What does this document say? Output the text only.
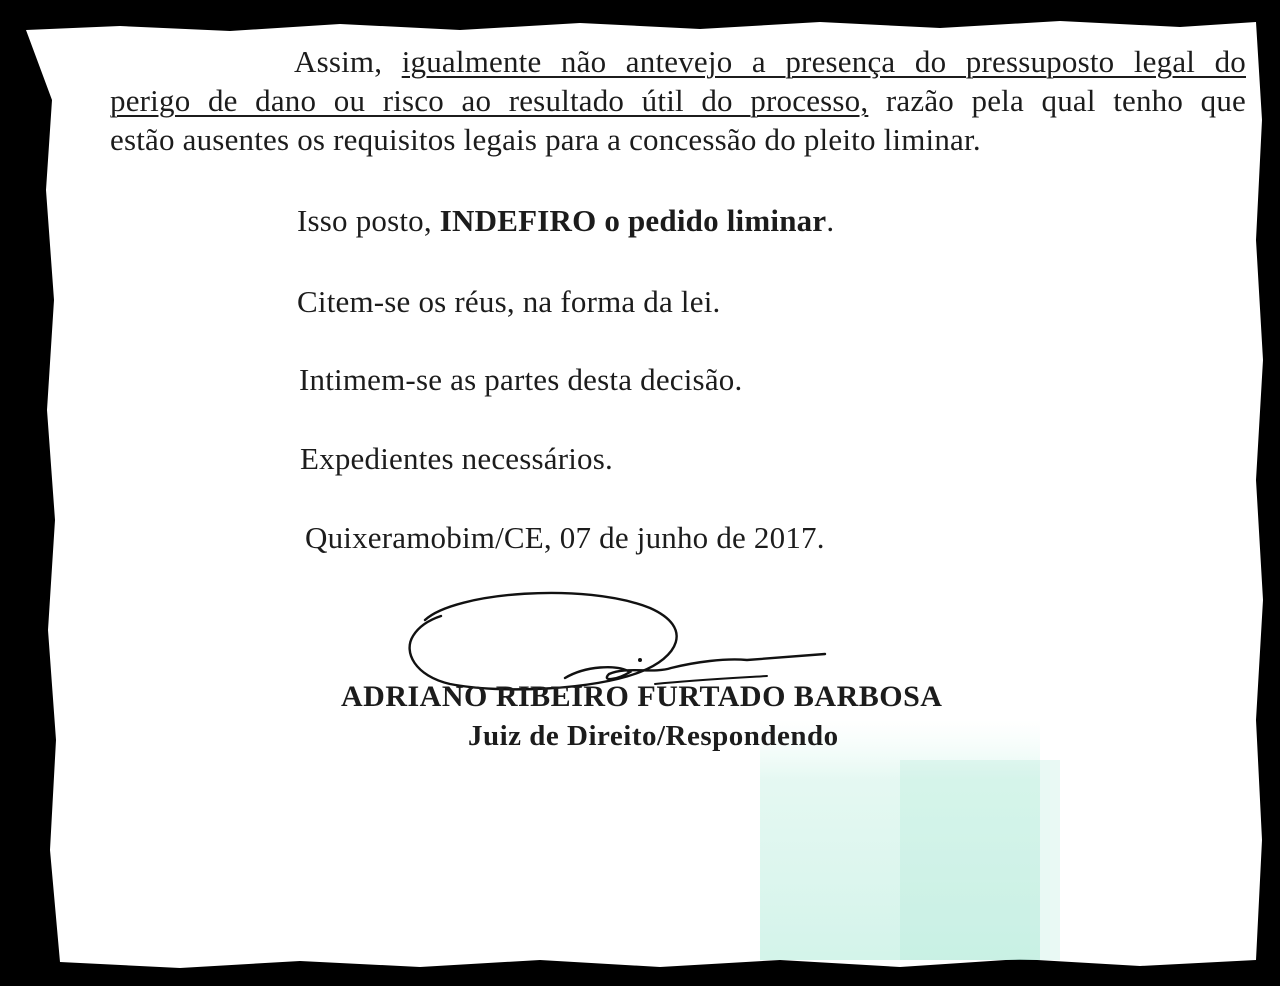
Assim, igualmente não antevejo a presença do pressuposto legal do
perigo de dano ou risco ao resultado útil do processo, razão pela qual tenho que
estão ausentes os requisitos legais para a concessão do pleito liminar.
Isso posto, INDEFIRO o pedido liminar.
Citem-se os réus, na forma da lei.
Intimem-se as partes desta decisão.
Expedientes necessários.
Quixeramobim/CE, 07 de junho de 2017.
ADRIANO RIBEIRO FURTADO BARBOSA
Juiz de Direito/Respondendo
